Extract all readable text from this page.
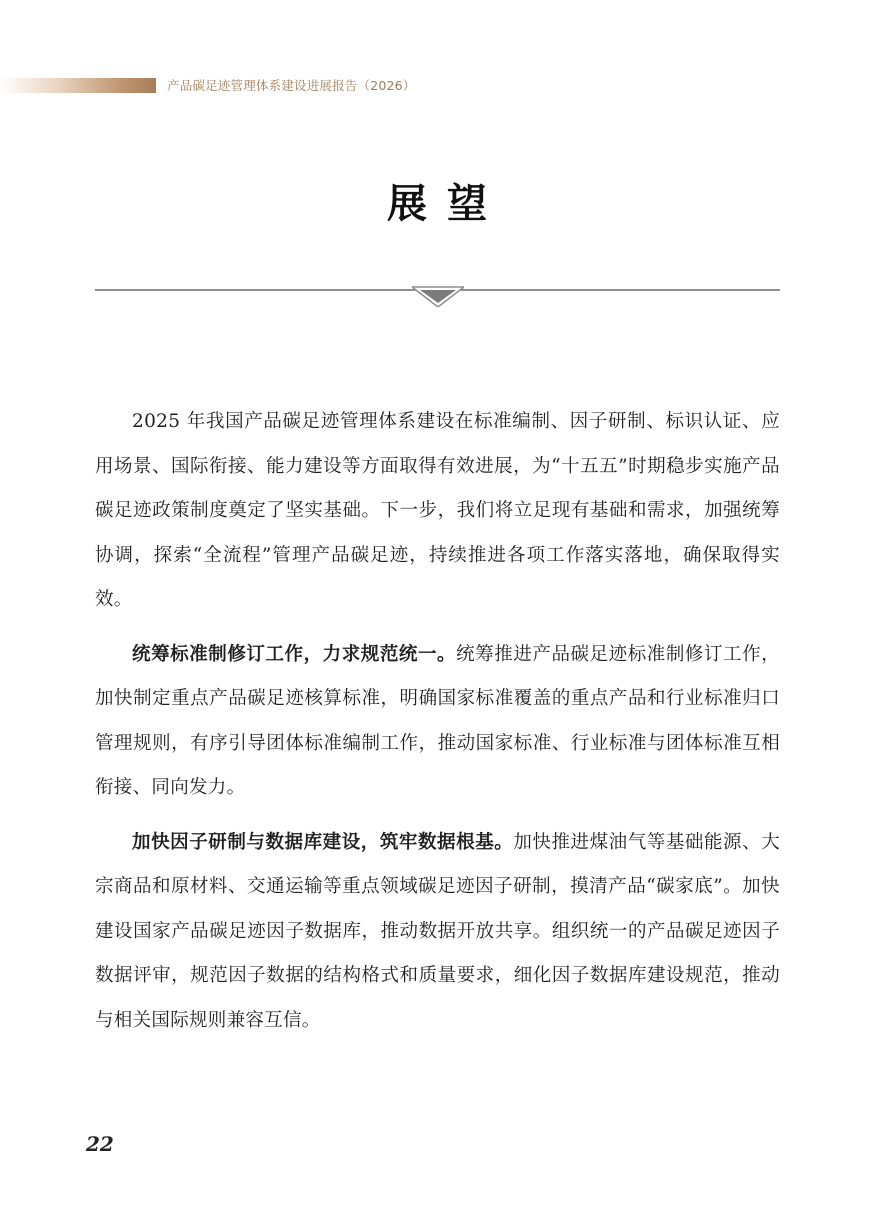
产品碳足迹管理体系建设进展报告（2026）
展望

2025 年我国产品碳足迹管理体系建设在标准编制、因子研制、标识认证、应用场景、国际衔接、能力建设等方面取得有效进展，为“十五五”时期稳步实施产品碳足迹政策制度奠定了坚实基础。下一步，我们将立足现有基础和需求，加强统筹协调，探索“全流程”管理产品碳足迹，持续推进各项工作落实落地，确保取得实效。

统筹标准制修订工作，力求规范统一。统筹推进产品碳足迹标准制修订工作，加快制定重点产品碳足迹核算标准，明确国家标准覆盖的重点产品和行业标准归口管理规则，有序引导团体标准编制工作，推动国家标准、行业标准与团体标准互相衔接、同向发力。

加快因子研制与数据库建设，筑牢数据根基。加快推进煤油气等基础能源、大宗商品和原材料、交通运输等重点领域碳足迹因子研制，摸清产品“碳家底”。加快建设国家产品碳足迹因子数据库，推动数据开放共享。组织统一的产品碳足迹因子数据评审，规范因子数据的结构格式和质量要求，细化因子数据库建设规范，推动与相关国际规则兼容互信。

22
